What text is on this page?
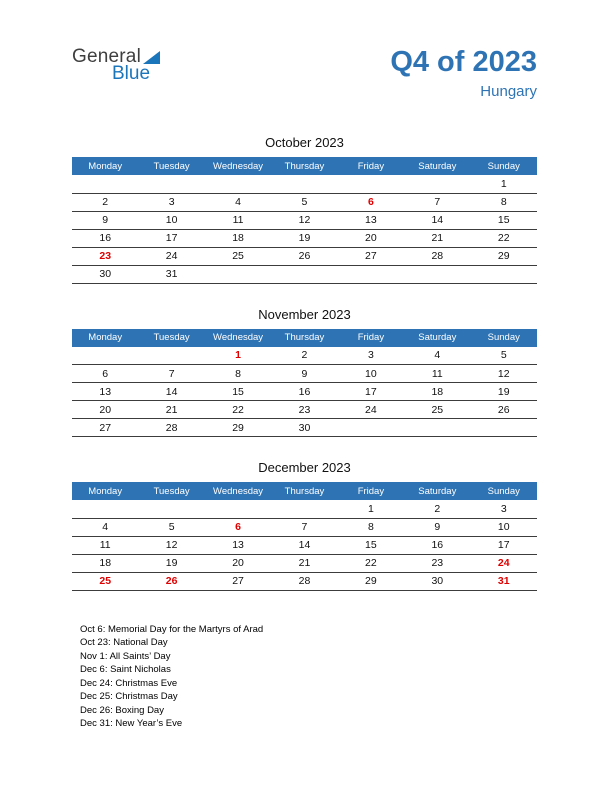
General
Blue	Q4 of 2023
Hungary
October 2023
Monday	Tuesday	Wednesday	Thursday	Friday	Saturday	Sunday
						1
2	3	4	5	6	7	8
9	10	11	12	13	14	15
16	17	18	19	20	21	22
23	24	25	26	27	28	29
30	31					
November 2023
Monday	Tuesday	Wednesday	Thursday	Friday	Saturday	Sunday
		1	2	3	4	5
6	7	8	9	10	11	12
13	14	15	16	17	18	19
20	21	22	23	24	25	26
27	28	29	30			
December 2023
Monday	Tuesday	Wednesday	Thursday	Friday	Saturday	Sunday
				1	2	3
4	5	6	7	8	9	10
11	12	13	14	15	16	17
18	19	20	21	22	23	24
25	26	27	28	29	30	31
Oct 6: Memorial Day for the Martyrs of Arad
Oct 23: National Day
Nov 1: All Saints’ Day
Dec 6: Saint Nicholas
Dec 24: Christmas Eve
Dec 25: Christmas Day
Dec 26: Boxing Day
Dec 31: New Year’s Eve
